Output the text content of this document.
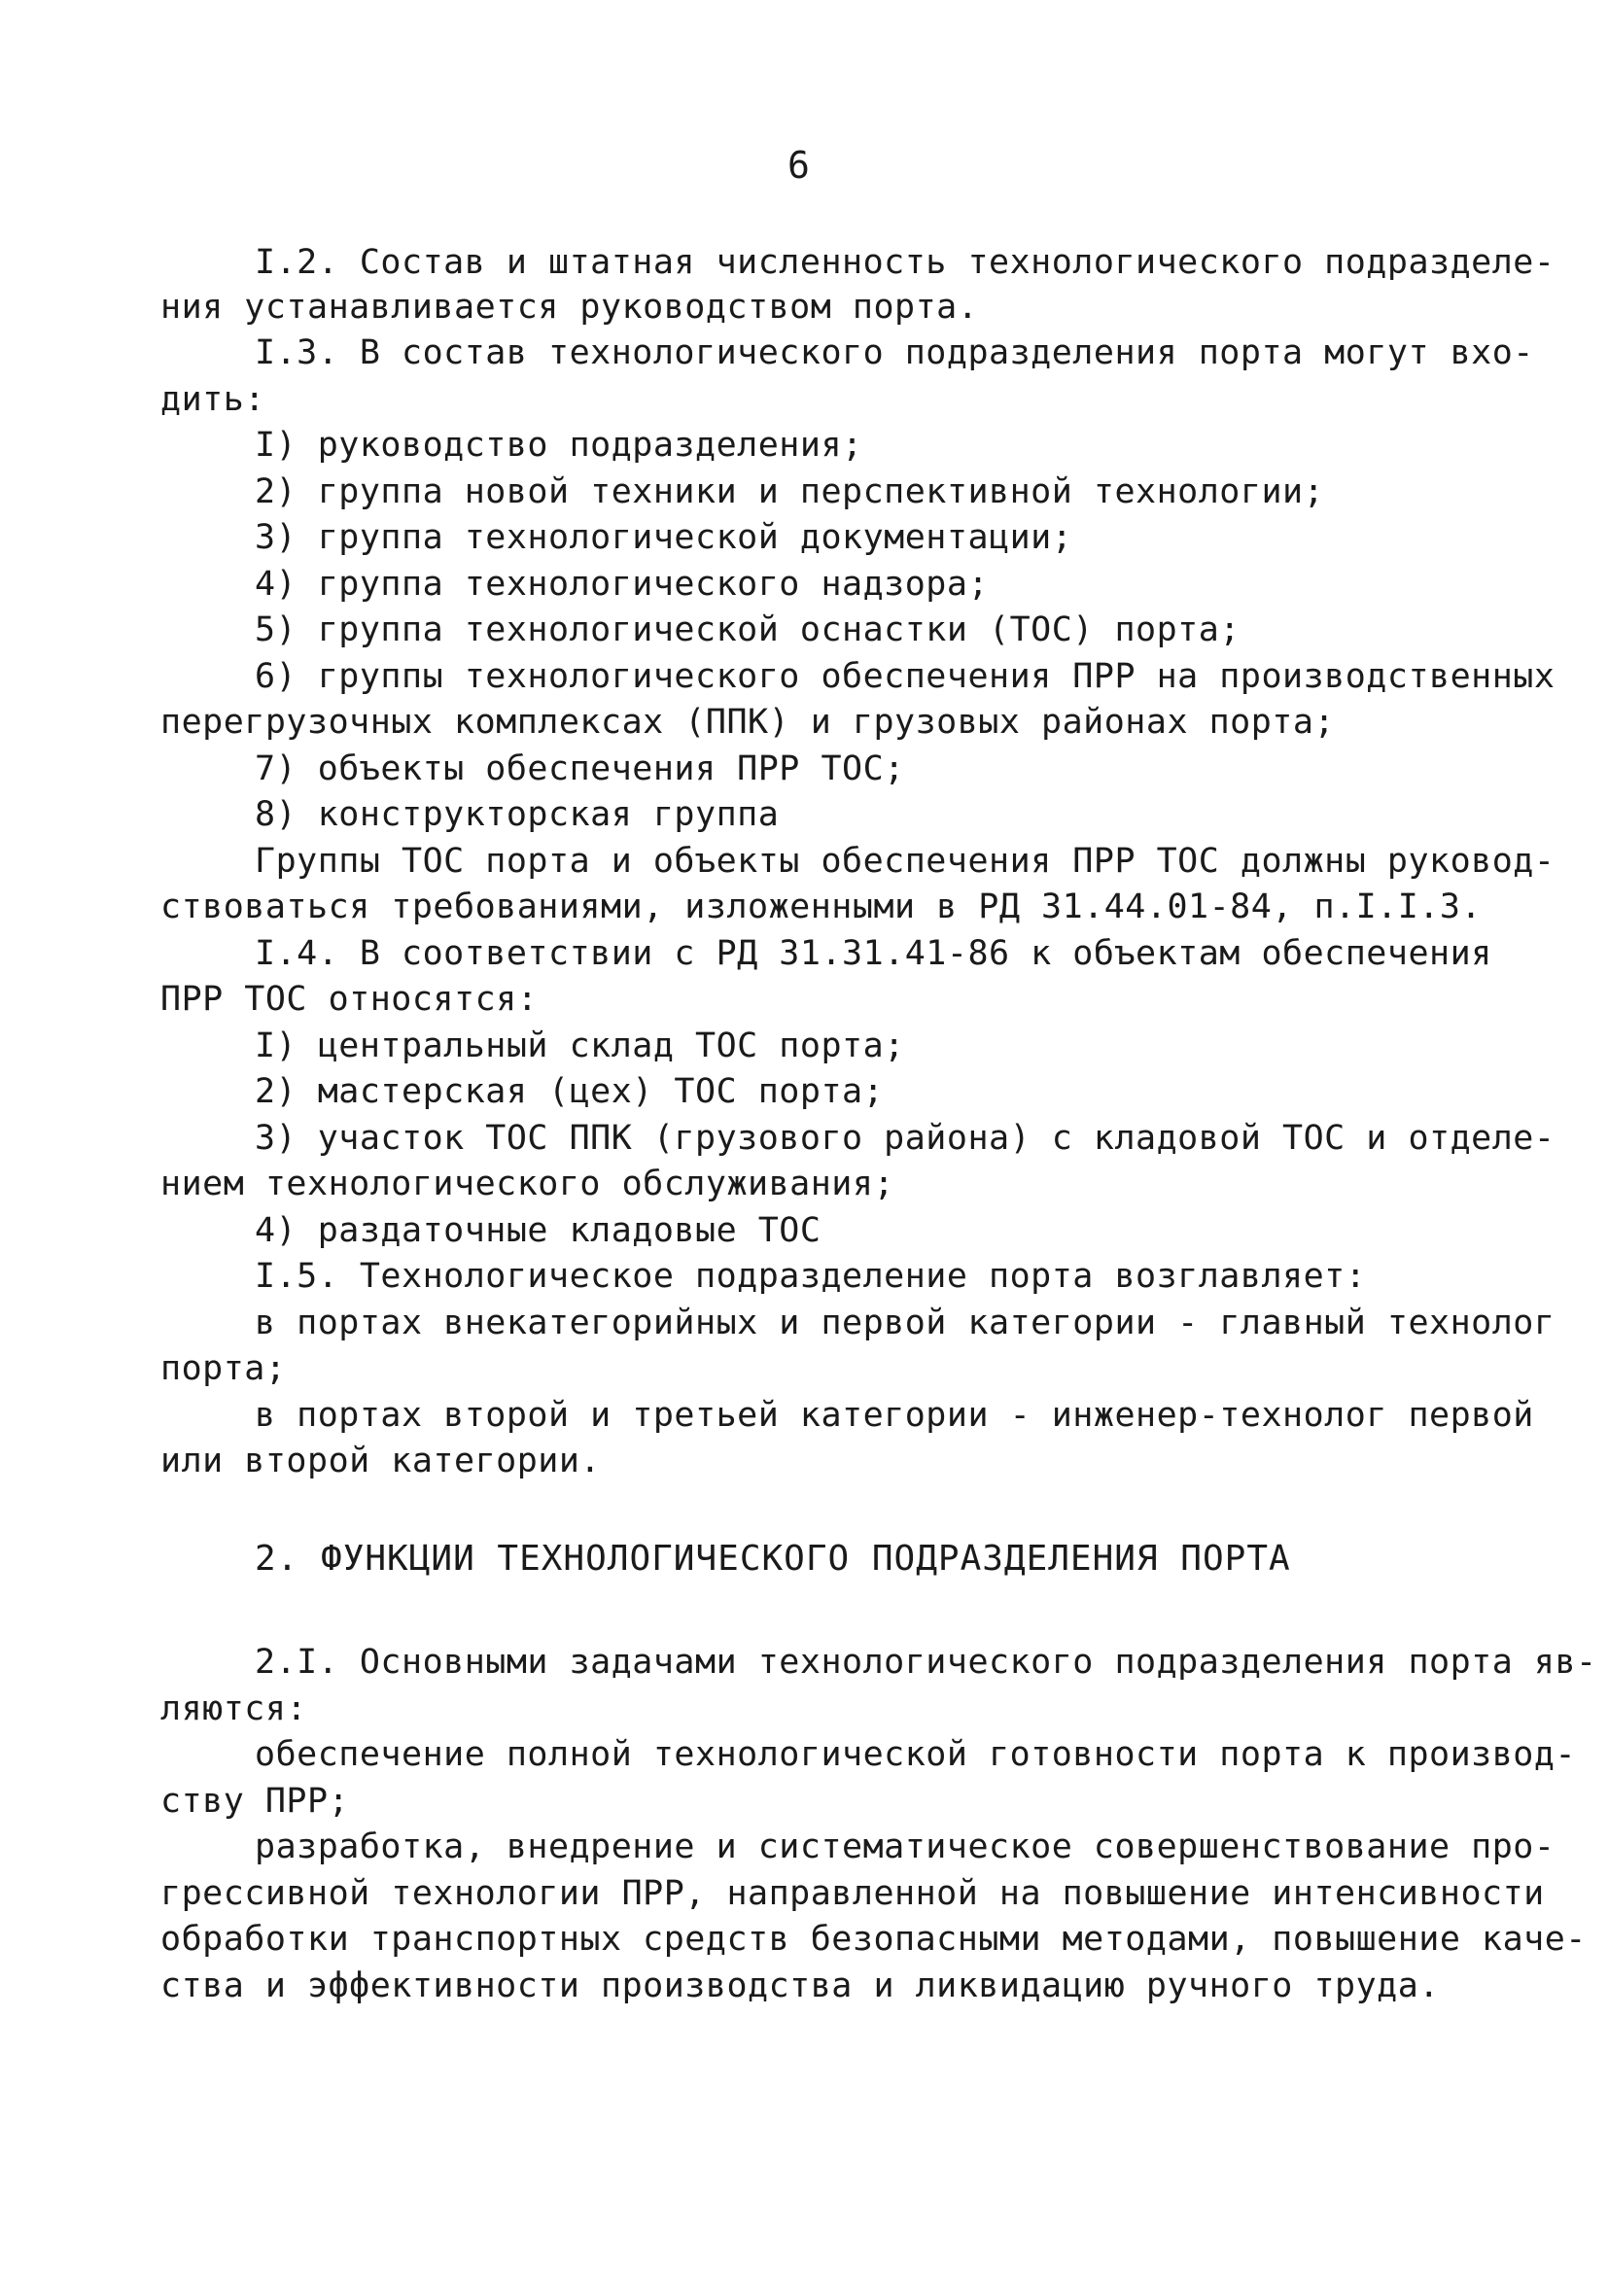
6
I.2. Состав и штатная численность технологического подразделе-
ния устанавливается руководством порта.
I.3. В состав технологического подразделения порта могут вхо-
дить:
I) руководство подразделения;
2) группа новой техники и перспективной технологии;
3) группа технологической документации;
4) группа технологического надзора;
5) группа технологической оснастки (ТОС) порта;
6) группы технологического обеспечения ПРР на производственных
перегрузочных комплексах (ППК) и грузовых районах порта;
7) объекты обеспечения ПРР ТОС;
8) конструкторская группа
Группы ТОС порта и объекты обеспечения ПРР ТОС должны руковод-
ствоваться требованиями, изложенными в РД 31.44.01-84, п.I.I.3.
I.4. В соответствии с РД 31.31.41-86 к объектам обеспечения
ПРР ТОС относятся:
I) центральный склад ТОС порта;
2) мастерская (цех) ТОС порта;
3) участок ТОС ППК (грузового района) с кладовой ТОС и отделе-
нием технологического обслуживания;
4) раздаточные кладовые ТОС
I.5. Технологическое подразделение порта возглавляет:
в портах внекатегорийных и первой категории - главный технолог
порта;
в портах второй и третьей категории - инженер-технолог первой
или второй категории.
2. ФУНКЦИИ ТЕХНОЛОГИЧЕСКОГО ПОДРАЗДЕЛЕНИЯ ПОРТА
2.I. Основными задачами технологического подразделения порта яв-
ляются:
обеспечение полной технологической готовности порта к производ-
ству ПРР;
разработка, внедрение и систематическое совершенствование про-
грессивной технологии ПРР, направленной на повышение интенсивности
обработки транспортных средств безопасными методами, повышение каче-
ства и эффективности производства и ликвидацию ручного труда.
